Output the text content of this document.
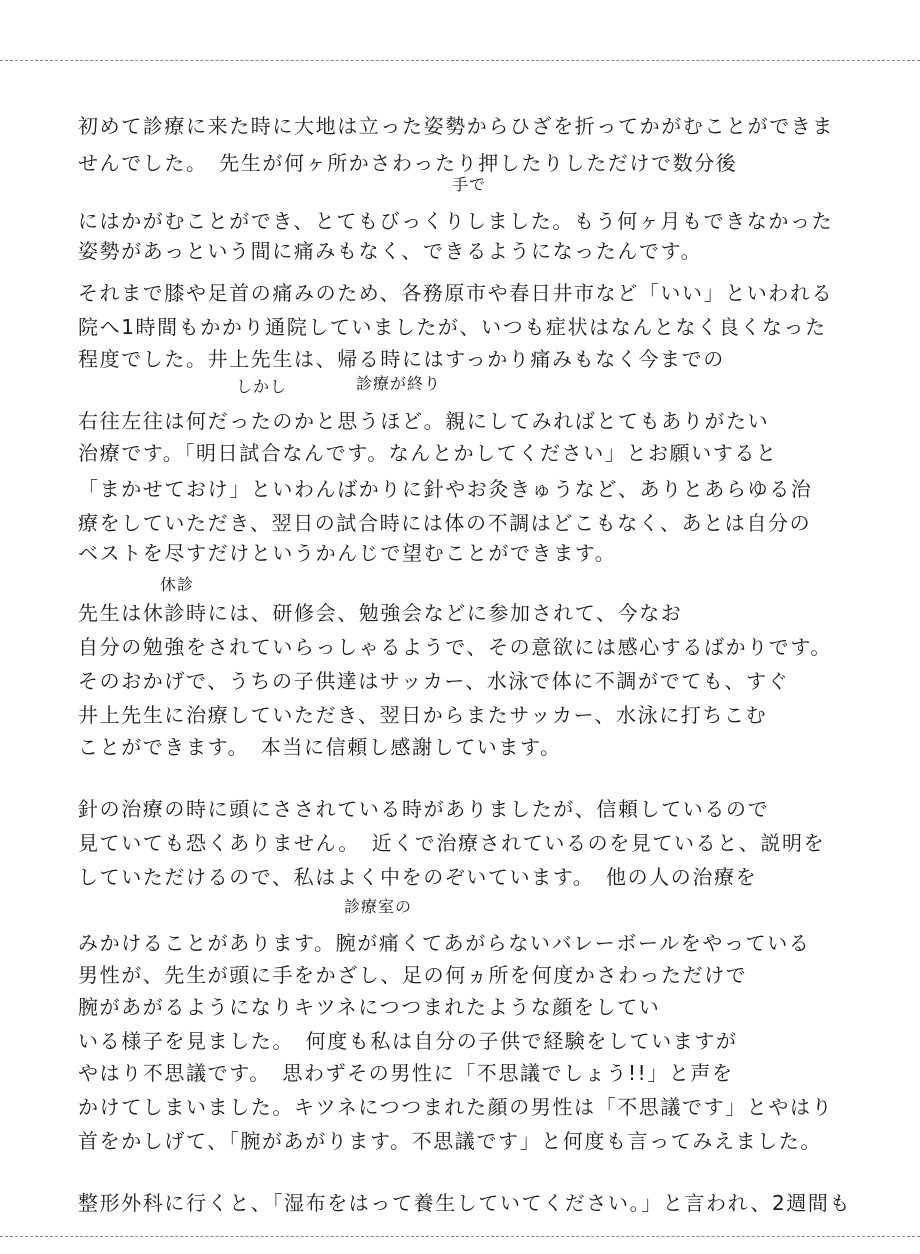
初めて診療に来た時に大地は立った姿勢からひざを折ってかがむことができませんでした。　先生が何ヶ所かさわったり押したりしただけで数分後
手で
にはかがむことができ、とてもびっくりしました。もう何ヶ月もできなかった
姿勢があっという間に痛みもなく、できるようになったんです。
それまで膝や足首の痛みのため、各務原市や春日井市など「いい」といわれる
院へ1時間もかかり通院していましたが、いつも症状はなんとなく良くなった
程度でした。井上先生は、帰る時にはすっかり痛みもなく今までの
しかし	診療が終り
右往左往は何だったのかと思うほど。親にしてみればとてもありがたい
治療です。「明日試合なんです。なんとかしてください」とお願いすると
「まかせておけ」といわんばかりに針やお灸きゅうなど、ありとあらゆる治
療をしていただき、翌日の試合時には体の不調はどこもなく、あとは自分の
ベストを尽すだけというかんじで望むことができます。
休診
先生は休診時には、研修会、勉強会などに参加されて、今なお
自分の勉強をされていらっしゃるようで、その意欲には感心するばかりです。
そのおかげで、うちの子供達はサッカー、水泳で体に不調がでても、すぐ
井上先生に治療していただき、翌日からまたサッカー、水泳に打ちこむ
ことができます。　本当に信頼し感謝しています。
針の治療の時に頭にさされている時がありましたが、信頼しているので
見ていても恐くありません。　近くで治療されているのを見ていると、説明を
していただけるので、私はよく中をのぞいています。　他の人の治療を
診療室の
みかけることがあります。腕が痛くてあがらないバレーボールをやっている
男性が、先生が頭に手をかざし、足の何ヵ所を何度かさわっただけで
腕があがるようになりキツネにつつまれたような顔をしてい
いる様子を見ました。　何度も私は自分の子供で経験をしていますが
やはり不思議です。　思わずその男性に「不思議でしょう!!」と声を
かけてしまいました。キツネにつつまれた顔の男性は「不思議です」とやはり
首をかしげて、「腕があがります。不思議です」と何度も言ってみえました。
整形外科に行くと、「湿布をはって養生していてください。」と言われ、2週間も
